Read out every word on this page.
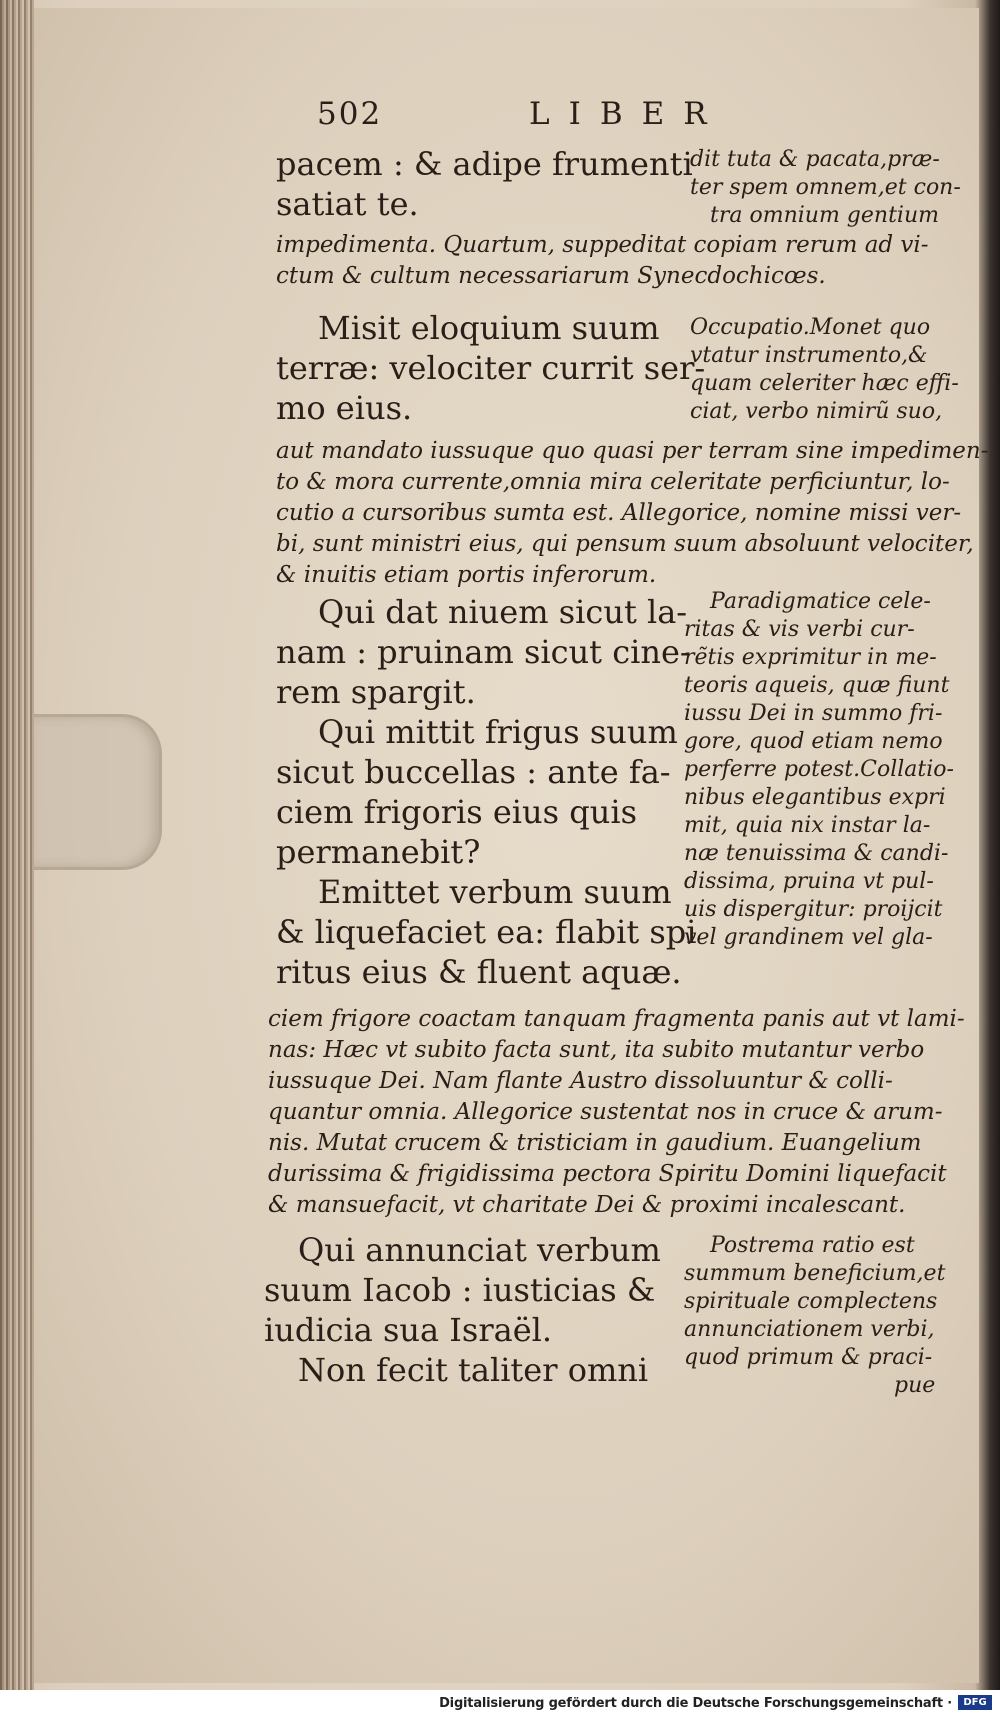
502	LIBER
pacem : & adipe frumenti
satiat te.
Misit eloquium suum
terræ: velociter currit ser-
mo eius.
Qui dat niuem sicut la-
nam : pruinam sicut cine-
rem spargit.
Qui mittit frigus suum
sicut buccellas : ante fa-
ciem frigoris eius quis
permanebit?
Emittet verbum suum
& liquefaciet ea: flabit spi
ritus eius & fluent aquæ.
Qui annunciat verbum
suum Iacob : iusticias &
iudicia sua Israël.
Non fecit taliter omni
dit tuta & pacata,præ-
ter spem omnem,et con-
tra omnium gentium
Occupatio.Monet quo
vtatur instrumento,&
quam celeriter hæc effi-
ciat, verbo nimirũ suo,
Paradigmatice cele-
ritas & vis verbi cur-
rẽtis exprimitur in me-
teoris aqueis, quæ fiunt
iussu Dei in summo fri-
gore, quod etiam nemo
perferre potest.Collatio-
nibus elegantibus expri
mit, quia nix instar la-
næ tenuissima & candi-
dissima, pruina vt pul-
uis dispergitur: proijcit
vel grandinem vel gla-
Postrema ratio est
summum beneficium,et
spirituale complectens
annunciationem verbi,
quod primum & praci-
pue
impedimenta. Quartum, suppeditat copiam rerum ad vi-
ctum & cultum necessariarum Synecdochicœs.
aut mandato iussuque quo quasi per terram sine impedimen-
to & mora currente,omnia mira celeritate perficiuntur, lo-
cutio a cursoribus sumta est. Allegorice, nomine missi ver-
bi, sunt ministri eius, qui pensum suum absoluunt velociter,
& inuitis etiam portis inferorum.
ciem frigore coactam tanquam fragmenta panis aut vt lami-
nas: Hæc vt subito facta sunt, ita subito mutantur verbo
iussuque Dei. Nam flante Austro dissoluuntur & colli-
quantur omnia. Allegorice sustentat nos in cruce & arum-
nis. Mutat crucem & tristiciam in gaudium. Euangelium
durissima & frigidissima pectora Spiritu Domini liquefacit
& mansuefacit, vt charitate Dei & proximi incalescant.
Digitalisierung gefördert durch die Deutsche Forschungsgemeinschaft ·	DFG
